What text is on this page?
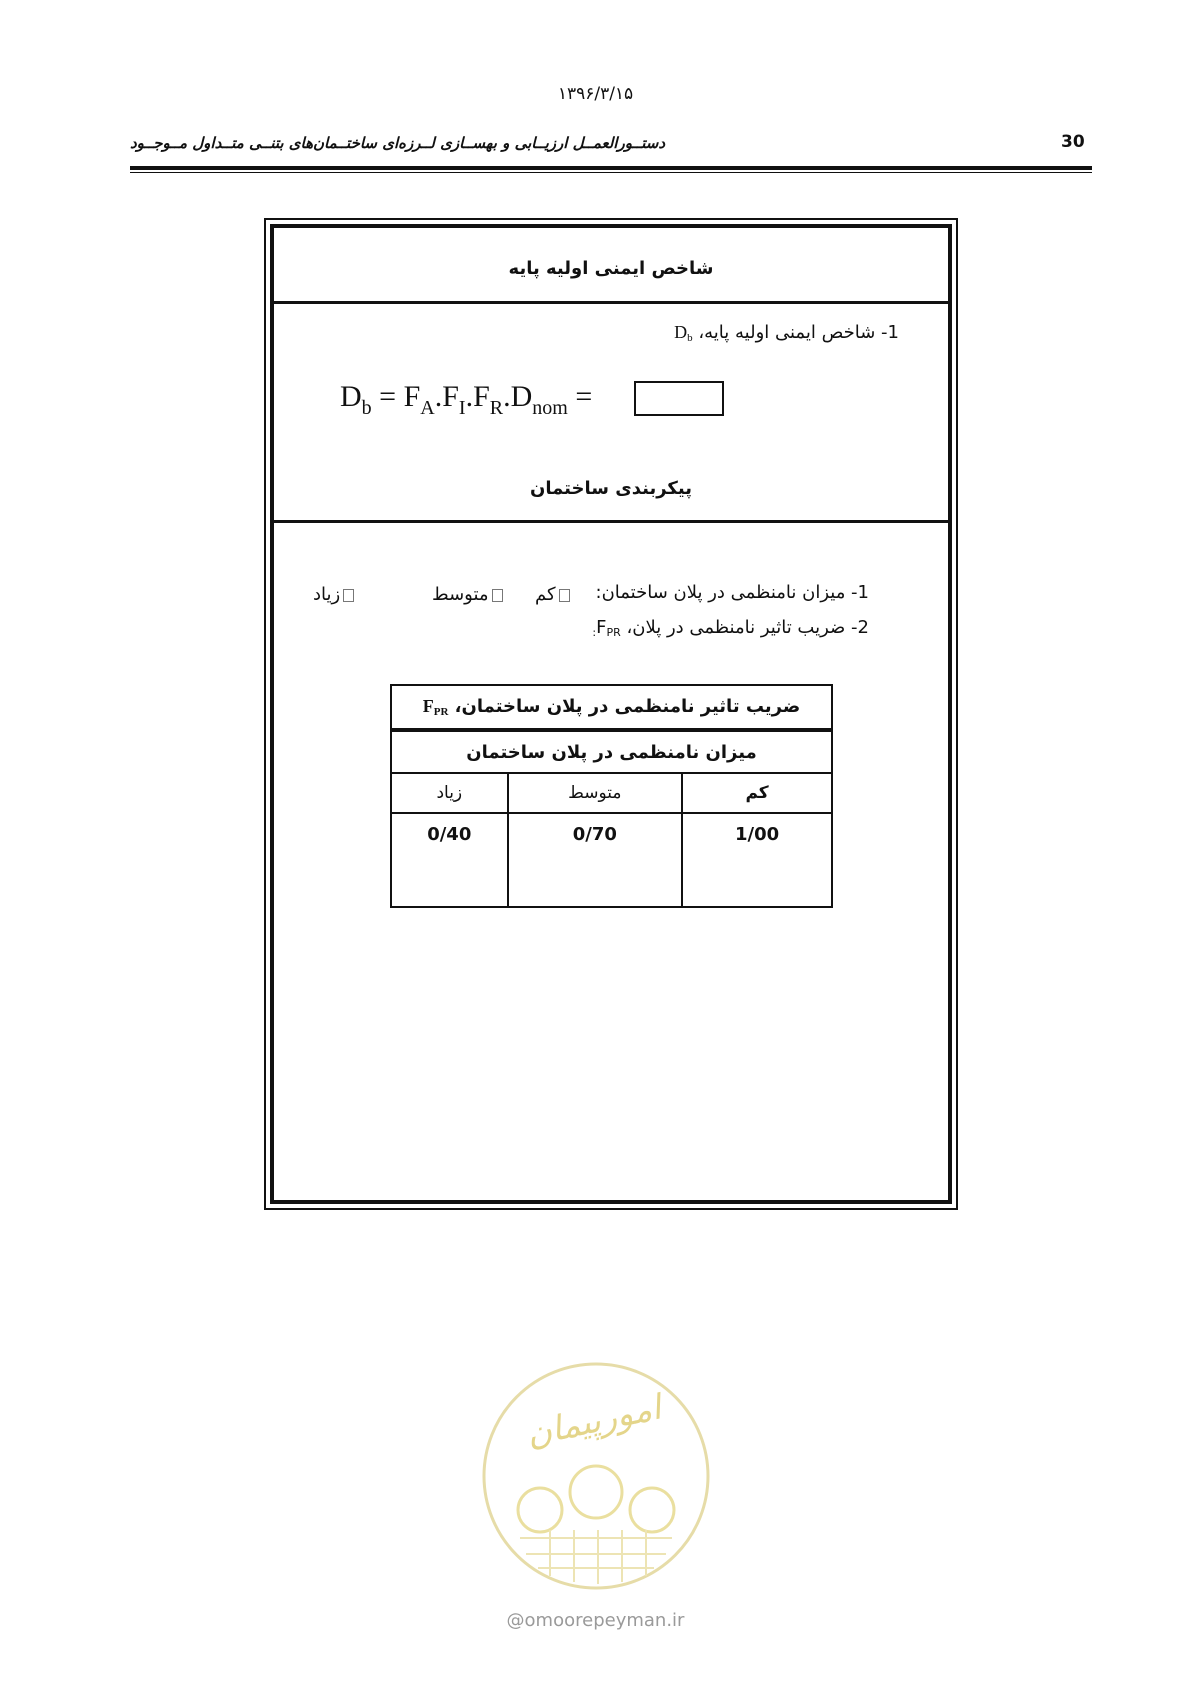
۱۳۹۶/۳/۱۵
30
دستــورالعمــل ارزیــابی و بهســازی لــرزه‌ای ساختــمان‌های بتنــی متــداول مــوجــود
شاخص ایمنی اولیه پایه
1- شاخص ایمنی اولیه پایه، $D_b$
$D_b = F_A.F_I.F_R.D_{nom}$ =
پیکربندی ساختمان
1- میزان نامنظمی در پلان ساختمان:
کم
متوسط
زیاد
2- ضریب تاثیر نامنظمی در پلان، $F_{PR:}$
ضریب تاثیر نامنظمی در پلان ساختمان، $F_{PR}$
میزان نامنظمی در پلان ساختمان		
کم	متوسط	زیاد
1/00	0/70	0/40
امورپیمان
@omoorepeyman.ir
